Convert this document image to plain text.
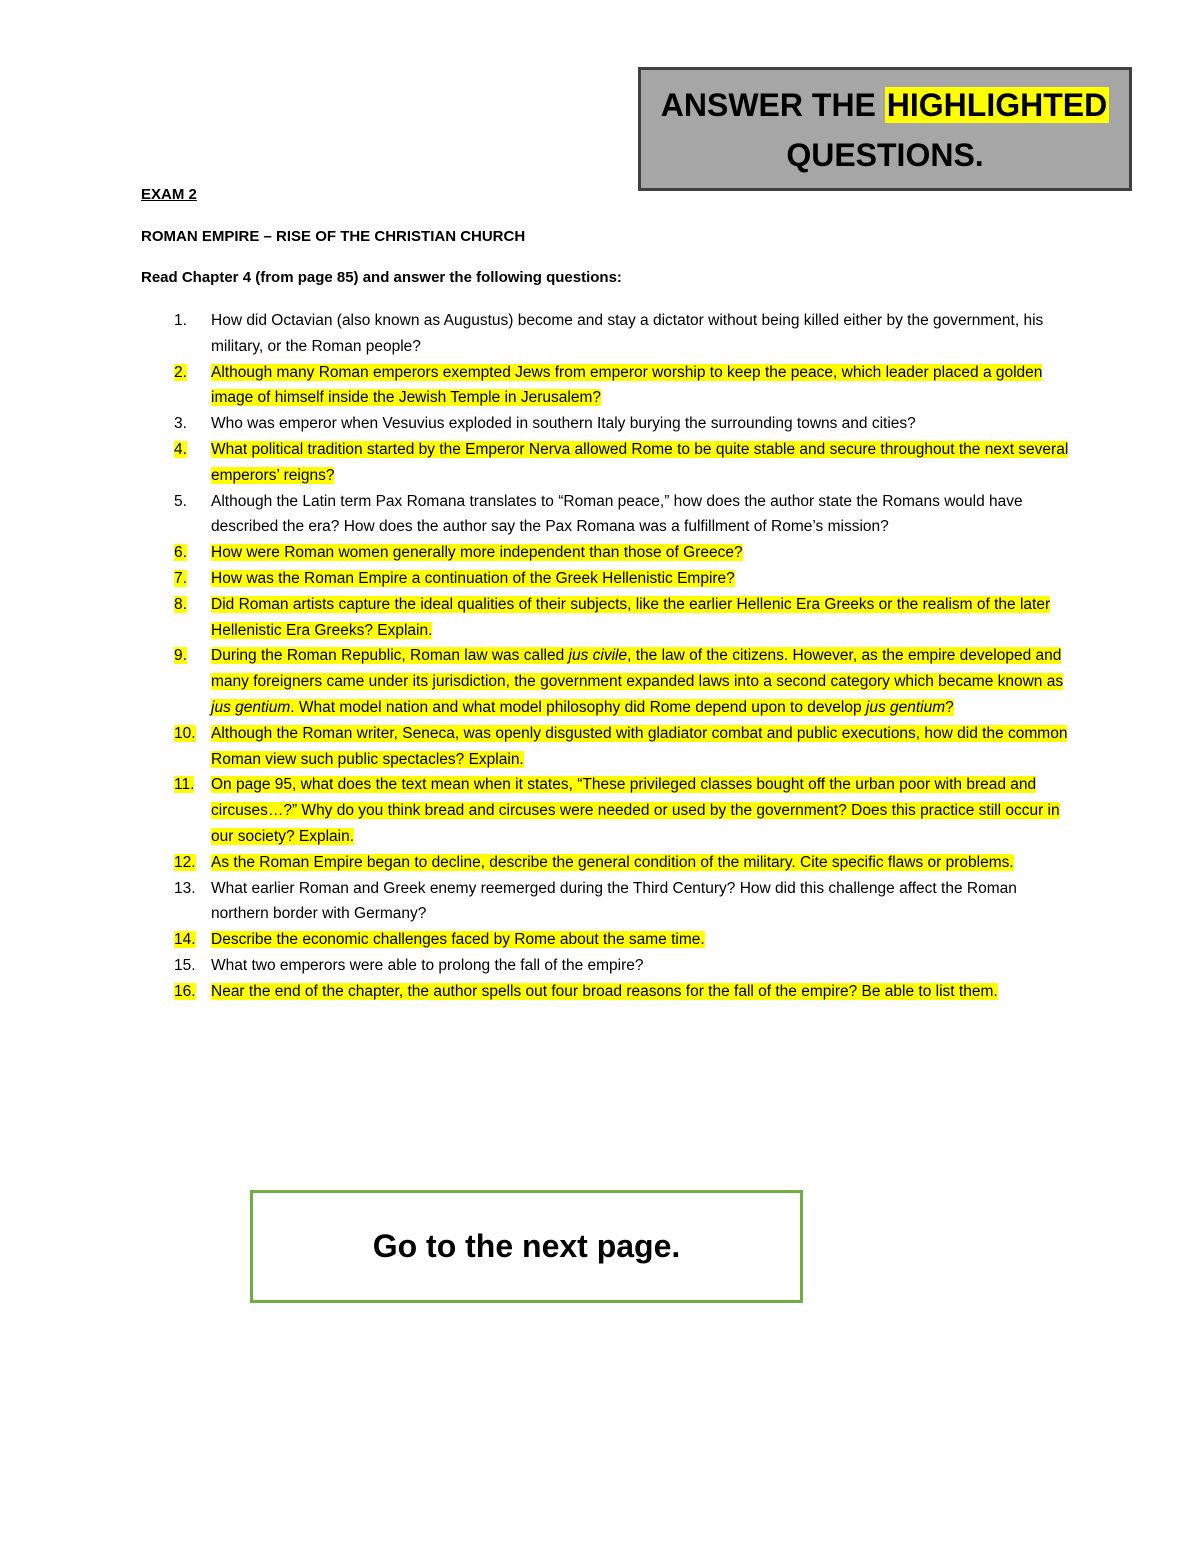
ANSWER THE HIGHLIGHTED
QUESTIONS.
EXAM 2
ROMAN EMPIRE – RISE OF THE CHRISTIAN CHURCH
Read Chapter 4 (from page 85) and answer the following questions:
1.	How did Octavian (also known as Augustus) become and stay a dictator without being killed either by the government, his military, or the Roman people?
2.	Although many Roman emperors exempted Jews from emperor worship to keep the peace, which leader placed a golden image of himself inside the Jewish Temple in Jerusalem?
3.	Who was emperor when Vesuvius exploded in southern Italy burying the surrounding towns and cities?
4.	What political tradition started by the Emperor Nerva allowed Rome to be quite stable and secure throughout the next several emperors’ reigns?
5.	Although the Latin term Pax Romana translates to “Roman peace,” how does the author state the Romans would have described the era? How does the author say the Pax Romana was a fulfillment of Rome’s mission?
6.	How were Roman women generally more independent than those of Greece?
7.	How was the Roman Empire a continuation of the Greek Hellenistic Empire?
8.	Did Roman artists capture the ideal qualities of their subjects, like the earlier Hellenic Era Greeks or the realism of the later Hellenistic Era Greeks? Explain.
9.	During the Roman Republic, Roman law was called jus civile, the law of the citizens. However, as the empire developed and many foreigners came under its jurisdiction, the government expanded laws into a second category which became known as jus gentium. What model nation and what model philosophy did Rome depend upon to develop jus gentium?
10. Although the Roman writer, Seneca, was openly disgusted with gladiator combat and public executions, how did the common Roman view such public spectacles? Explain.
11.	On page 95, what does the text mean when it states, “These privileged classes bought off the urban poor with bread and circuses…?” Why do you think bread and circuses were needed or used by the government? Does this practice still occur in our society? Explain.
12. As the Roman Empire began to decline, describe the general condition of the military. Cite specific flaws or problems.
13. What earlier Roman and Greek enemy reemerged during the Third Century? How did this challenge affect the Roman northern border with Germany?
14. Describe the economic challenges faced by Rome about the same time.
15. What two emperors were able to prolong the fall of the empire?
16. Near the end of the chapter, the author spells out four broad reasons for the fall of the empire? Be able to list them.
Go to the next page.
